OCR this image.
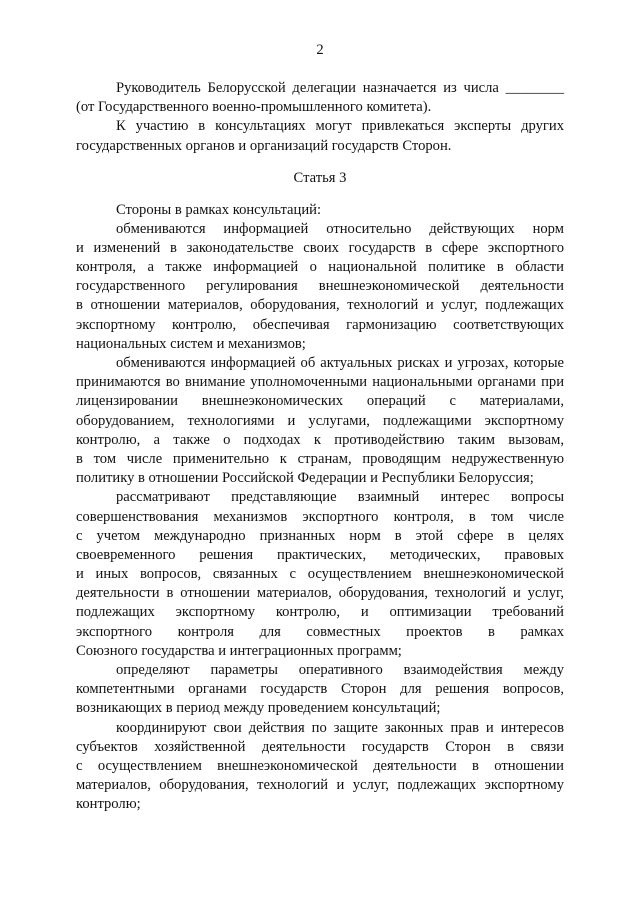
2
Руководитель Белорусской делегации назначается из числа ________
(от Государственного военно-промышленного комитета).
К участию в консультациях могут привлекаться эксперты других
государственных органов и организаций государств Сторон.
Статья 3
Стороны в рамках консультаций:
обмениваются информацией относительно действующих норм
и изменений в законодательстве своих государств в сфере экспортного
контроля, а также информацией о национальной политике в области
государственного регулирования внешнеэкономической деятельности
в отношении материалов, оборудования, технологий и услуг, подлежащих
экспортному контролю, обеспечивая гармонизацию соответствующих
национальных систем и механизмов;
обмениваются информацией об актуальных рисках и угрозах, которые
принимаются во внимание уполномоченными национальными органами при
лицензировании внешнеэкономических операций с материалами,
оборудованием, технологиями и услугами, подлежащими экспортному
контролю, а также о подходах к противодействию таким вызовам,
в том числе применительно к странам, проводящим недружественную
политику в отношении Российской Федерации и Республики Белоруссия;
рассматривают представляющие взаимный интерес вопросы
совершенствования механизмов экспортного контроля, в том числе
с учетом международно признанных норм в этой сфере в целях
своевременного решения практических, методических, правовых
и иных вопросов, связанных с осуществлением внешнеэкономической
деятельности в отношении материалов, оборудования, технологий и услуг,
подлежащих экспортному контролю, и оптимизации требований
экспортного контроля для совместных проектов в рамках
Союзного государства и интеграционных программ;
определяют параметры оперативного взаимодействия между
компетентными органами государств Сторон для решения вопросов,
возникающих в период между проведением консультаций;
координируют свои действия по защите законных прав и интересов
субъектов хозяйственной деятельности государств Сторон в связи
с осуществлением внешнеэкономической деятельности в отношении
материалов, оборудования, технологий и услуг, подлежащих экспортному
контролю;
